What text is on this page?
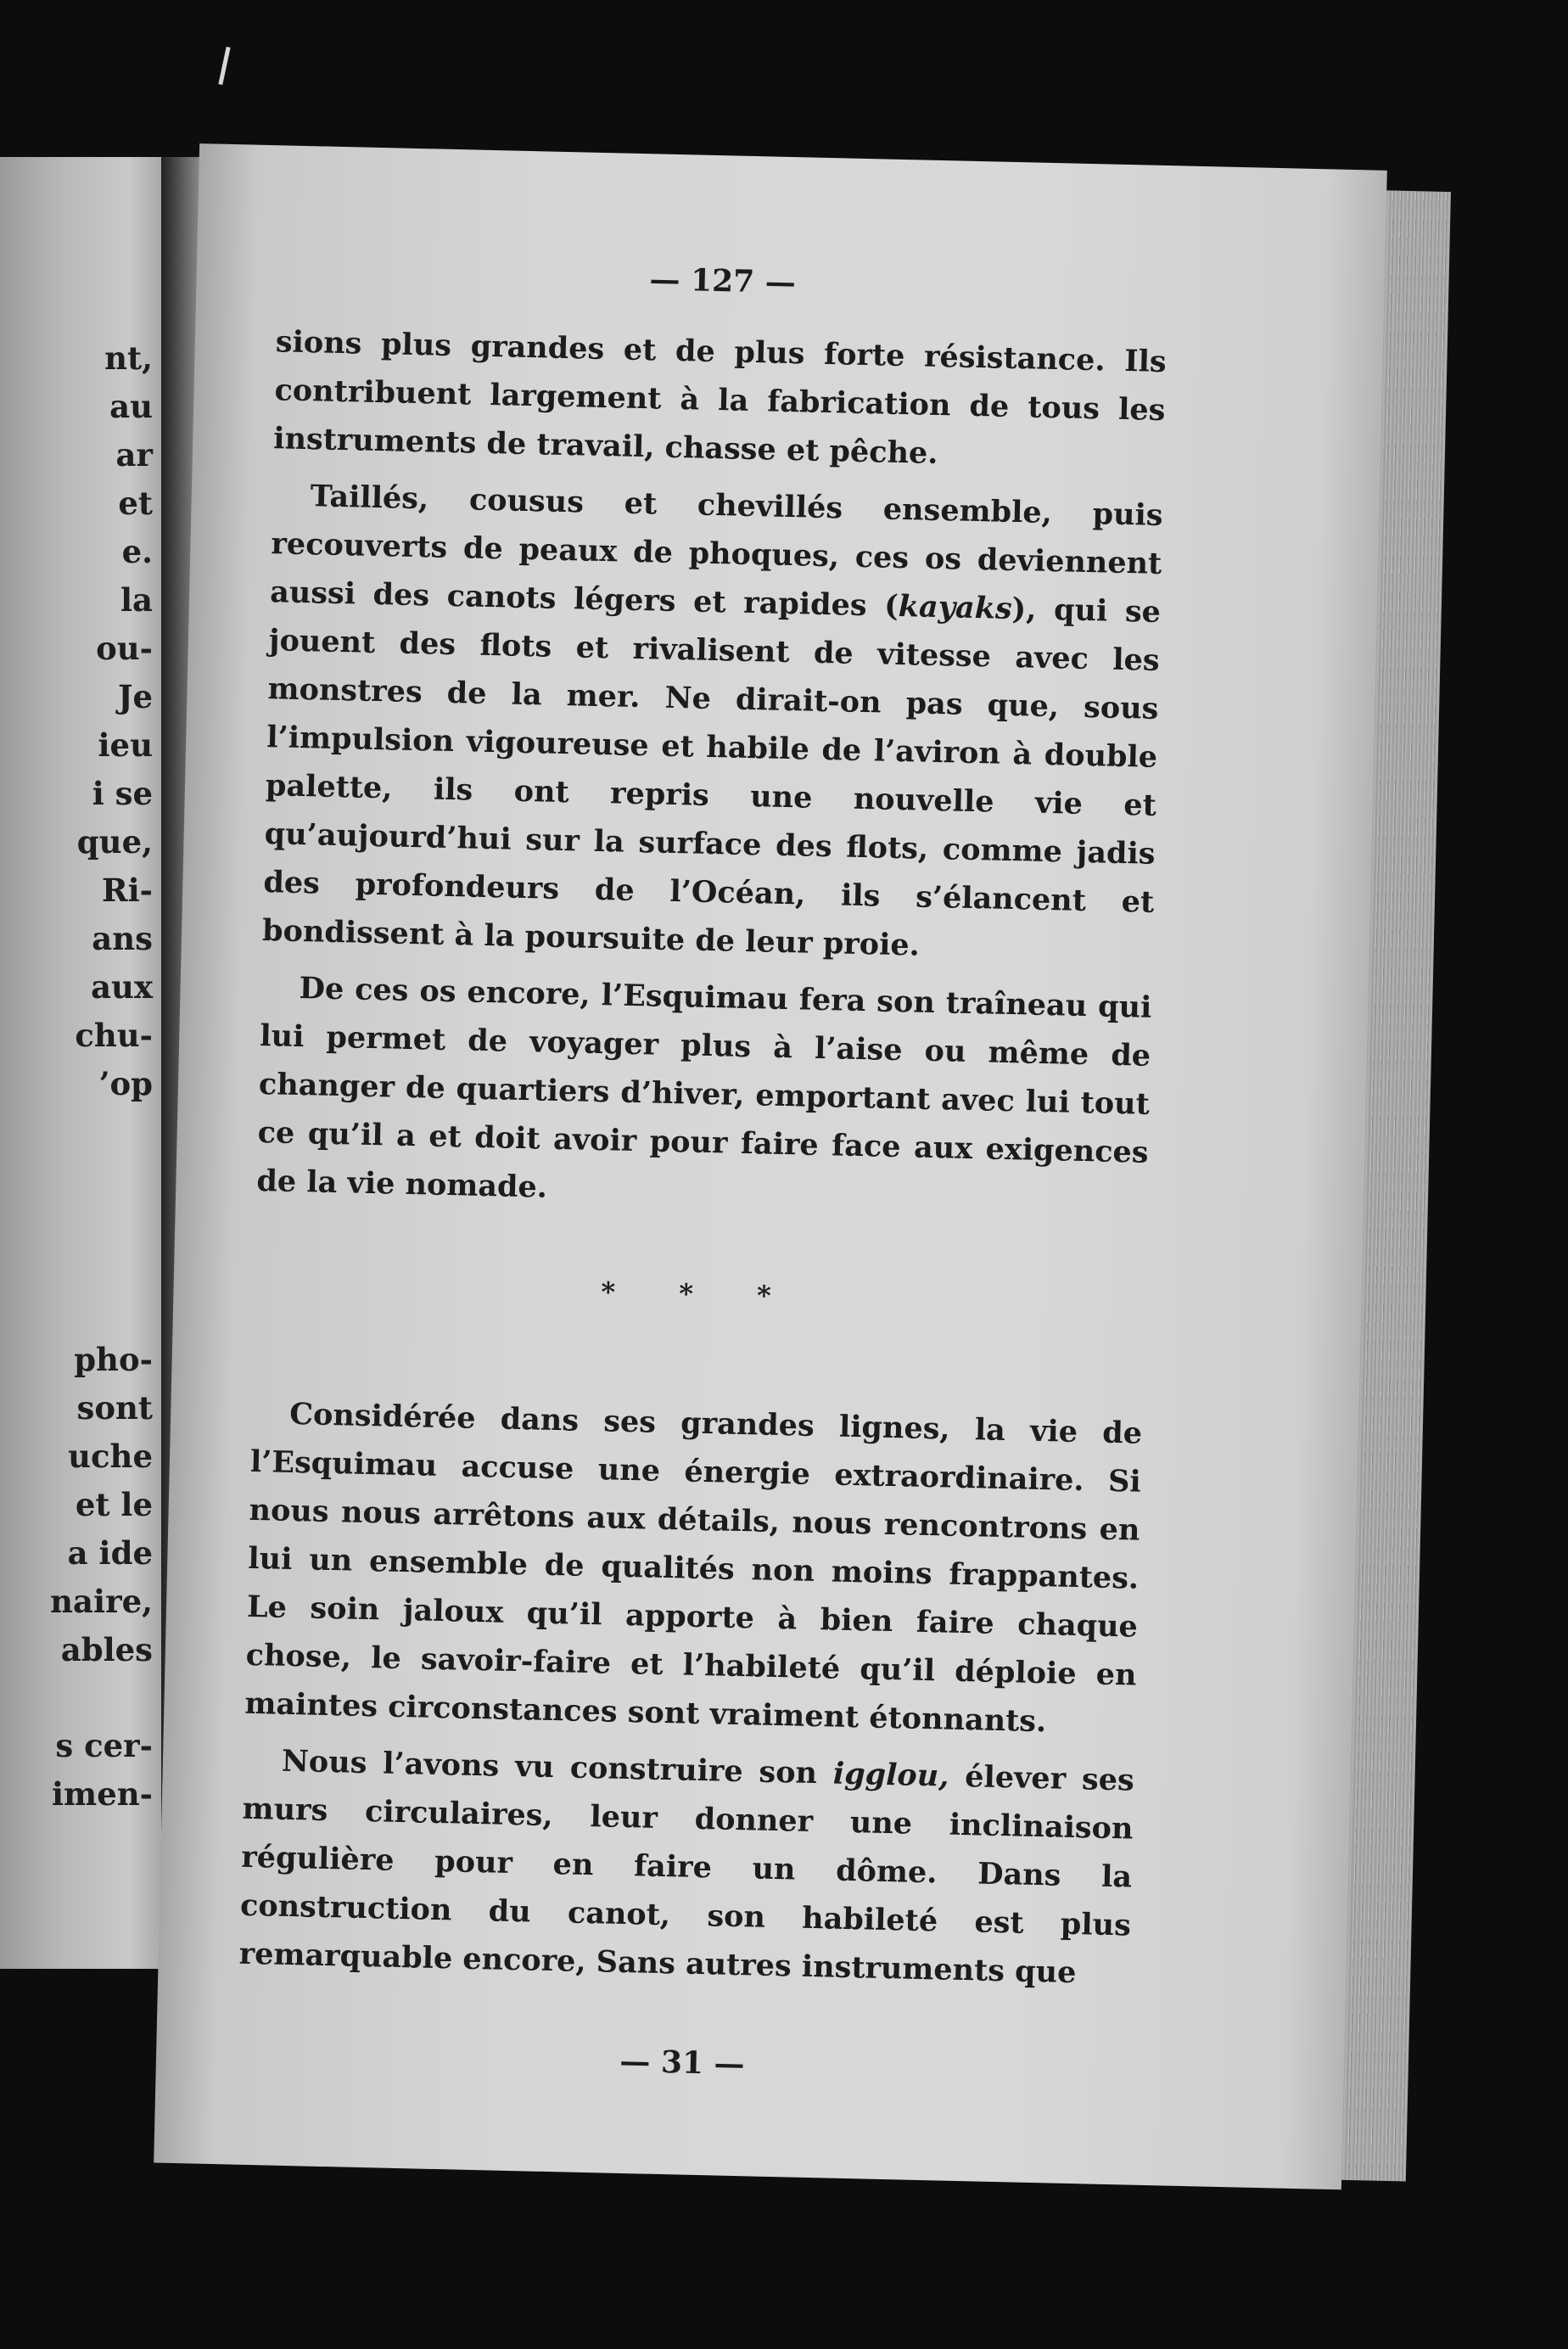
nt,
au
ar
et
e.
la
ou-
Je
ieu
i se
que,
Ri-
ans
aux
chu-
’op
pho-
sont
uche
et le
a ide
naire,
ables
s cer-
imen-
— 127 —

sions plus grandes et de plus forte résistance. Ils contribuent largement à la fabrication de tous les instruments de travail, chasse et pêche.

Taillés, cousus et chevillés ensemble, puis recouverts de peaux de phoques, ces os deviennent aussi des canots légers et rapides (kayaks), qui se jouent des flots et rivalisent de vitesse avec les monstres de la mer. Ne dirait-on pas que, sous l’impulsion vigoureuse et habile de l’aviron à double palette, ils ont repris une nouvelle vie et qu’aujourd’hui sur la surface des flots, comme jadis des profondeurs de l’Océan, ils s’élancent et bondissent à la poursuite de leur proie.

De ces os encore, l’Esquimau fera son traîneau qui lui permet de voyager plus à l’aise ou même de changer de quartiers d’hiver, emportant avec lui tout ce qu’il a et doit avoir pour faire face aux exigences de la vie nomade.

* * *

Considérée dans ses grandes lignes, la vie de l’Esquimau accuse une énergie extraordinaire. Si nous nous arrêtons aux détails, nous rencontrons en lui un ensemble de qualités non moins frappantes. Le soin jaloux qu’il apporte à bien faire chaque chose, le savoir-faire et l’habileté qu’il déploie en maintes circonstances sont vraiment étonnants.

Nous l’avons vu construire son igglou, élever ses murs circulaires, leur donner une inclinaison régulière pour en faire un dôme. Dans la construction du canot, son habileté est plus remarquable encore, Sans autres instruments que

— 31 —
